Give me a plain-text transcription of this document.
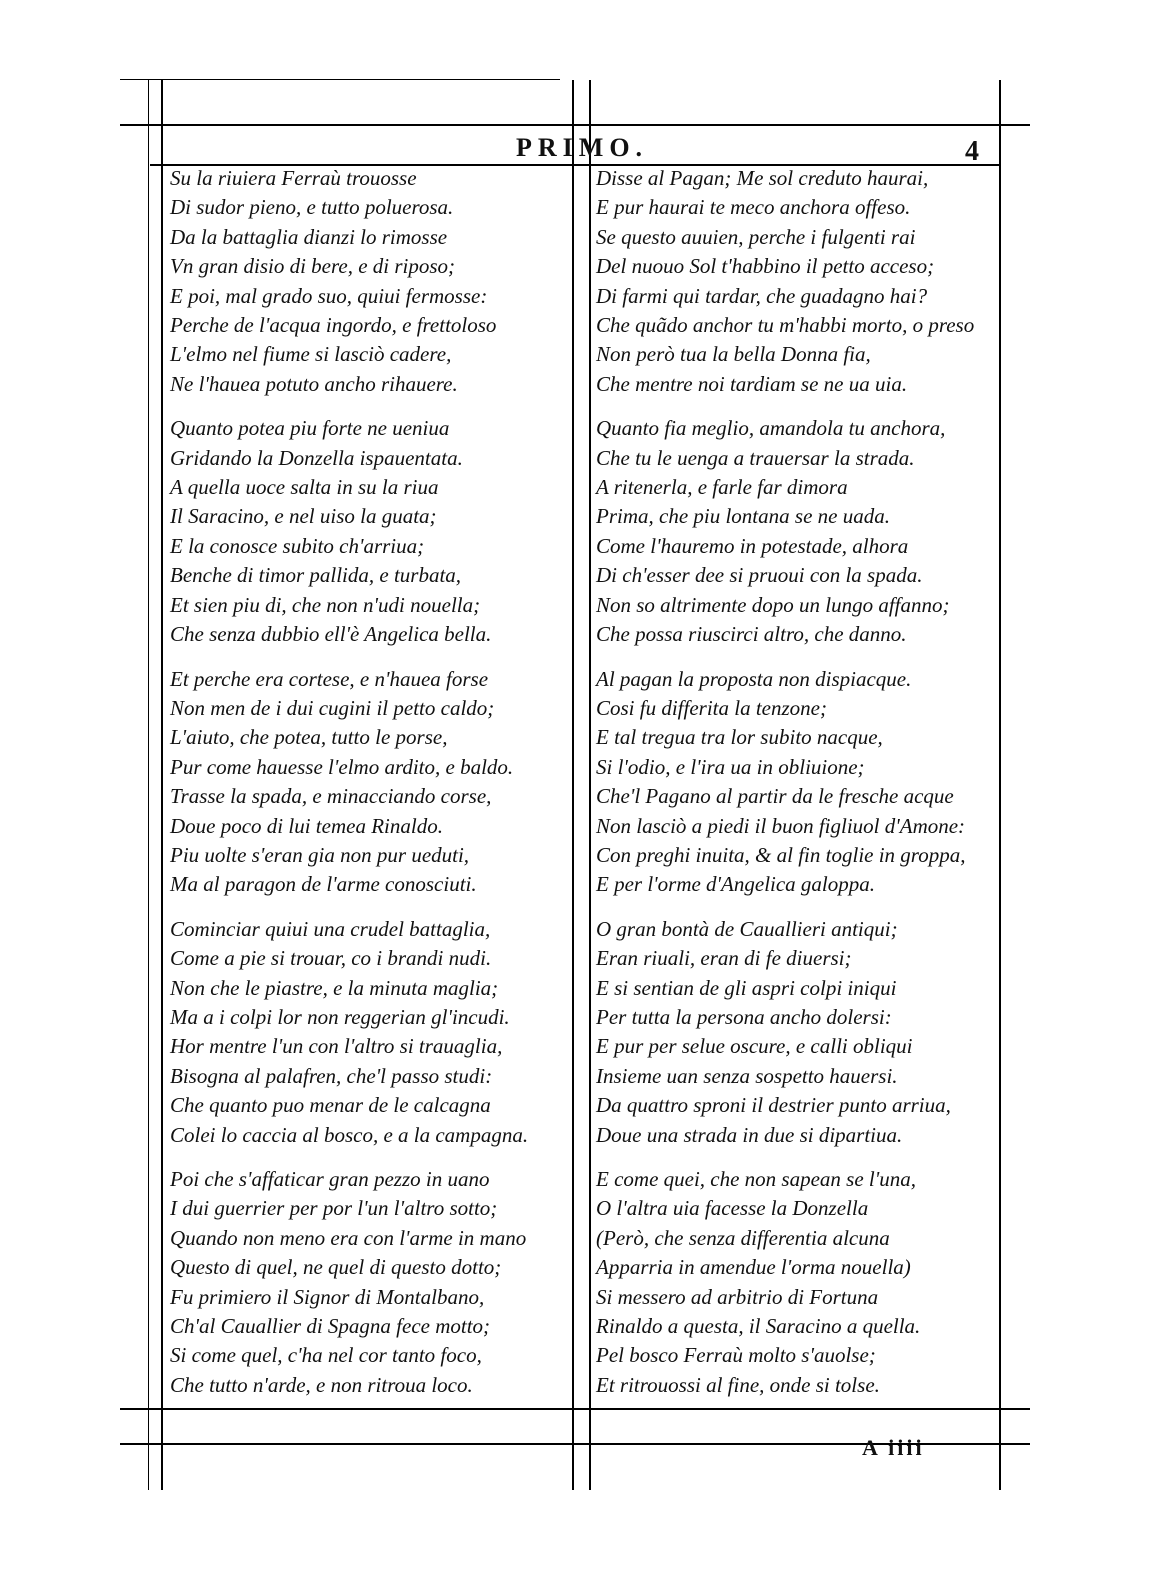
PRIMO.	4
Su la riuiera Ferraù trouosse
Di sudor pieno, e tutto poluerosa.
Da la battaglia dianzi lo rimosse
Vn gran disio di bere, e di riposo;
E poi, mal grado suo, quiui fermosse:
Perche de l'acqua ingordo, e frettoloso
L'elmo nel fiume si lasciò cadere,
Ne l'hauea potuto ancho rihauere.
Quanto potea piu forte ne ueniua
Gridando la Donzella ispauentata.
A quella uoce salta in su la riua
Il Saracino, e nel uiso la guata;
E la conosce subito ch'arriua;
Benche di timor pallida, e turbata,
Et sien piu di, che non n'udi nouella;
Che senza dubbio ell'è Angelica bella.
Et perche era cortese, e n'hauea forse
Non men de i dui cugini il petto caldo;
L'aiuto, che potea, tutto le porse,
Pur come hauesse l'elmo ardito, e baldo.
Trasse la spada, e minacciando corse,
Doue poco di lui temea Rinaldo.
Piu uolte s'eran gia non pur ueduti,
Ma al paragon de l'arme conosciuti.
Cominciar quiui una crudel battaglia,
Come a pie si trouar, co i brandi nudi.
Non che le piastre, e la minuta maglia;
Ma a i colpi lor non reggerian gl'incudi.
Hor mentre l'un con l'altro si trauaglia,
Bisogna al palafren, che'l passo studi:
Che quanto puo menar de le calcagna
Colei lo caccia al bosco, e a la campagna.
Poi che s'affaticar gran pezzo in uano
I dui guerrier per por l'un l'altro sotto;
Quando non meno era con l'arme in mano
Questo di quel, ne quel di questo dotto;
Fu primiero il Signor di Montalbano,
Ch'al Cauallier di Spagna fece motto;
Si come quel, c'ha nel cor tanto foco,
Che tutto n'arde, e non ritroua loco.
Disse al Pagan; Me sol creduto haurai,
E pur haurai te meco anchora offeso.
Se questo auuien, perche i fulgenti rai
Del nuouo Sol t'habbino il petto acceso;
Di farmi qui tardar, che guadagno hai?
Che quãdo anchor tu m'habbi morto, o preso
Non però tua la bella Donna fia,
Che mentre noi tardiam se ne ua uia.
Quanto fia meglio, amandola tu anchora,
Che tu le uenga a trauersar la strada.
A ritenerla, e farle far dimora
Prima, che piu lontana se ne uada.
Come l'hauremo in potestade, alhora
Di ch'esser dee si pruoui con la spada.
Non so altrimente dopo un lungo affanno;
Che possa riuscirci altro, che danno.
Al pagan la proposta non dispiacque.
Cosi fu differita la tenzone;
E tal tregua tra lor subito nacque,
Si l'odio, e l'ira ua in obliuione;
Che'l Pagano al partir da le fresche acque
Non lasciò a piedi il buon figliuol d'Amone:
Con preghi inuita, & al fin toglie in groppa,
E per l'orme d'Angelica galoppa.
O gran bontà de Cauallieri antiqui;
Eran riuali, eran di fe diuersi;
E si sentian de gli aspri colpi iniqui
Per tutta la persona ancho dolersi:
E pur per selue oscure, e calli obliqui
Insieme uan senza sospetto hauersi.
Da quattro sproni il destrier punto arriua,
Doue una strada in due si dipartiua.
E come quei, che non sapean se l'una,
O l'altra uia facesse la Donzella
(Però, che senza differentia alcuna
Apparria in amendue l'orma nouella)
Si messero ad arbitrio di Fortuna
Rinaldo a questa, il Saracino a quella.
Pel bosco Ferraù molto s'auolse;
Et ritrouossi al fine, onde si tolse.
A iiii
